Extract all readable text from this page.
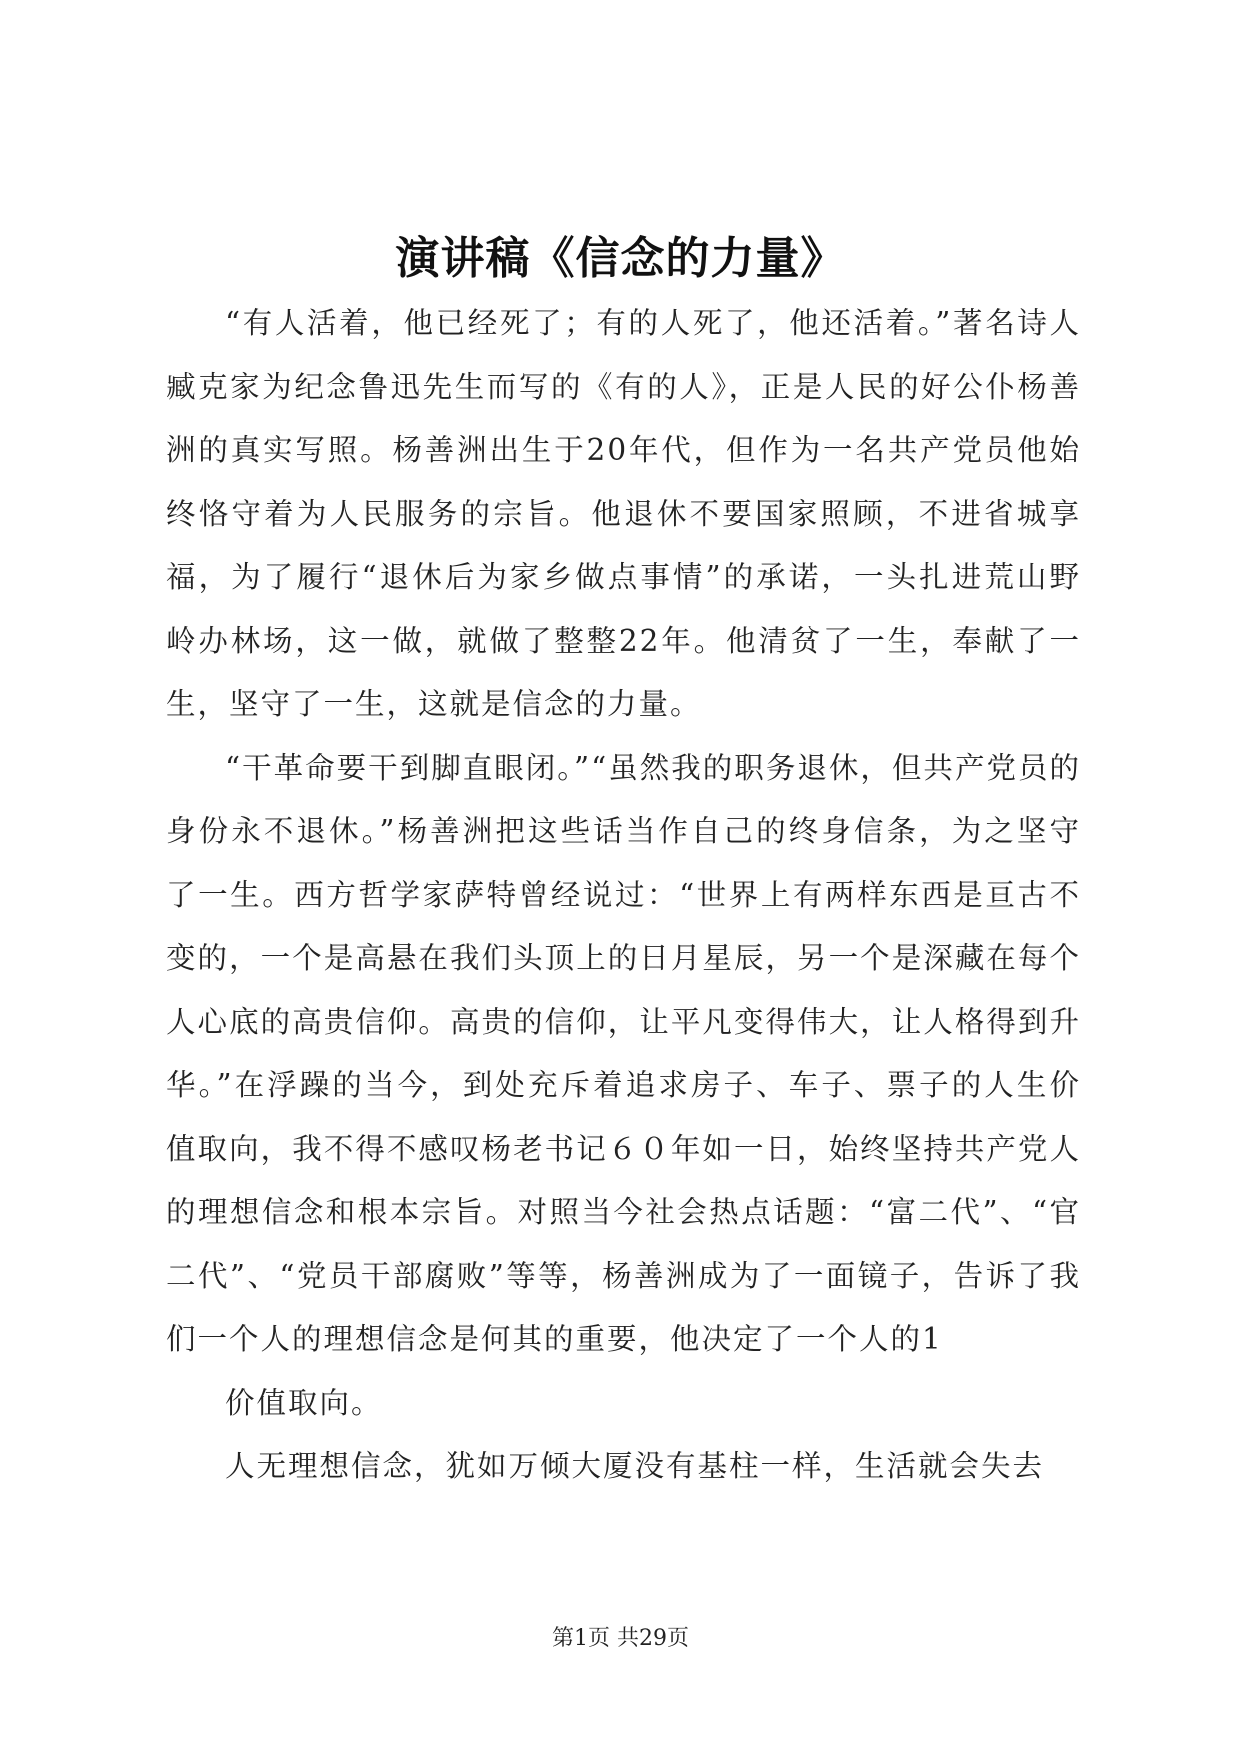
演讲稿《信念的力量》

“有人活着，他已经死了；有的人死了，他还活着。”著名诗人臧克家为纪念鲁迅先生而写的《有的人》，正是人民的好公仆杨善洲的真实写照。杨善洲出生于20年代，但作为一名共产党员他始终恪守着为人民服务的宗旨。他退休不要国家照顾，不进省城享福，为了履行“退休后为家乡做点事情”的承诺，一头扎进荒山野岭办林场，这一做，就做了整整22年。他清贫了一生，奉献了一生，坚守了一生，这就是信念的力量。

“干革命要干到脚直眼闭。”“虽然我的职务退休，但共产党员的身份永不退休。”杨善洲把这些话当作自己的终身信条，为之坚守了一生。西方哲学家萨特曾经说过：“世界上有两样东西是亘古不变的，一个是高悬在我们头顶上的日月星辰，另一个是深藏在每个人心底的高贵信仰。高贵的信仰，让平凡变得伟大，让人格得到升华。”在浮躁的当今，到处充斥着追求房子、车子、票子的人生价值取向，我不得不感叹杨老书记６０年如一日，始终坚持共产党人的理想信念和根本宗旨。对照当今社会热点话题：“富二代”、“官二代”、“党员干部腐败”等等，杨善洲成为了一面镜子，告诉了我们一个人的理想信念是何其的重要，他决定了一个人的1

价值取向。

人无理想信念，犹如万倾大厦没有基柱一样，生活就会失去

第1页 共29页
